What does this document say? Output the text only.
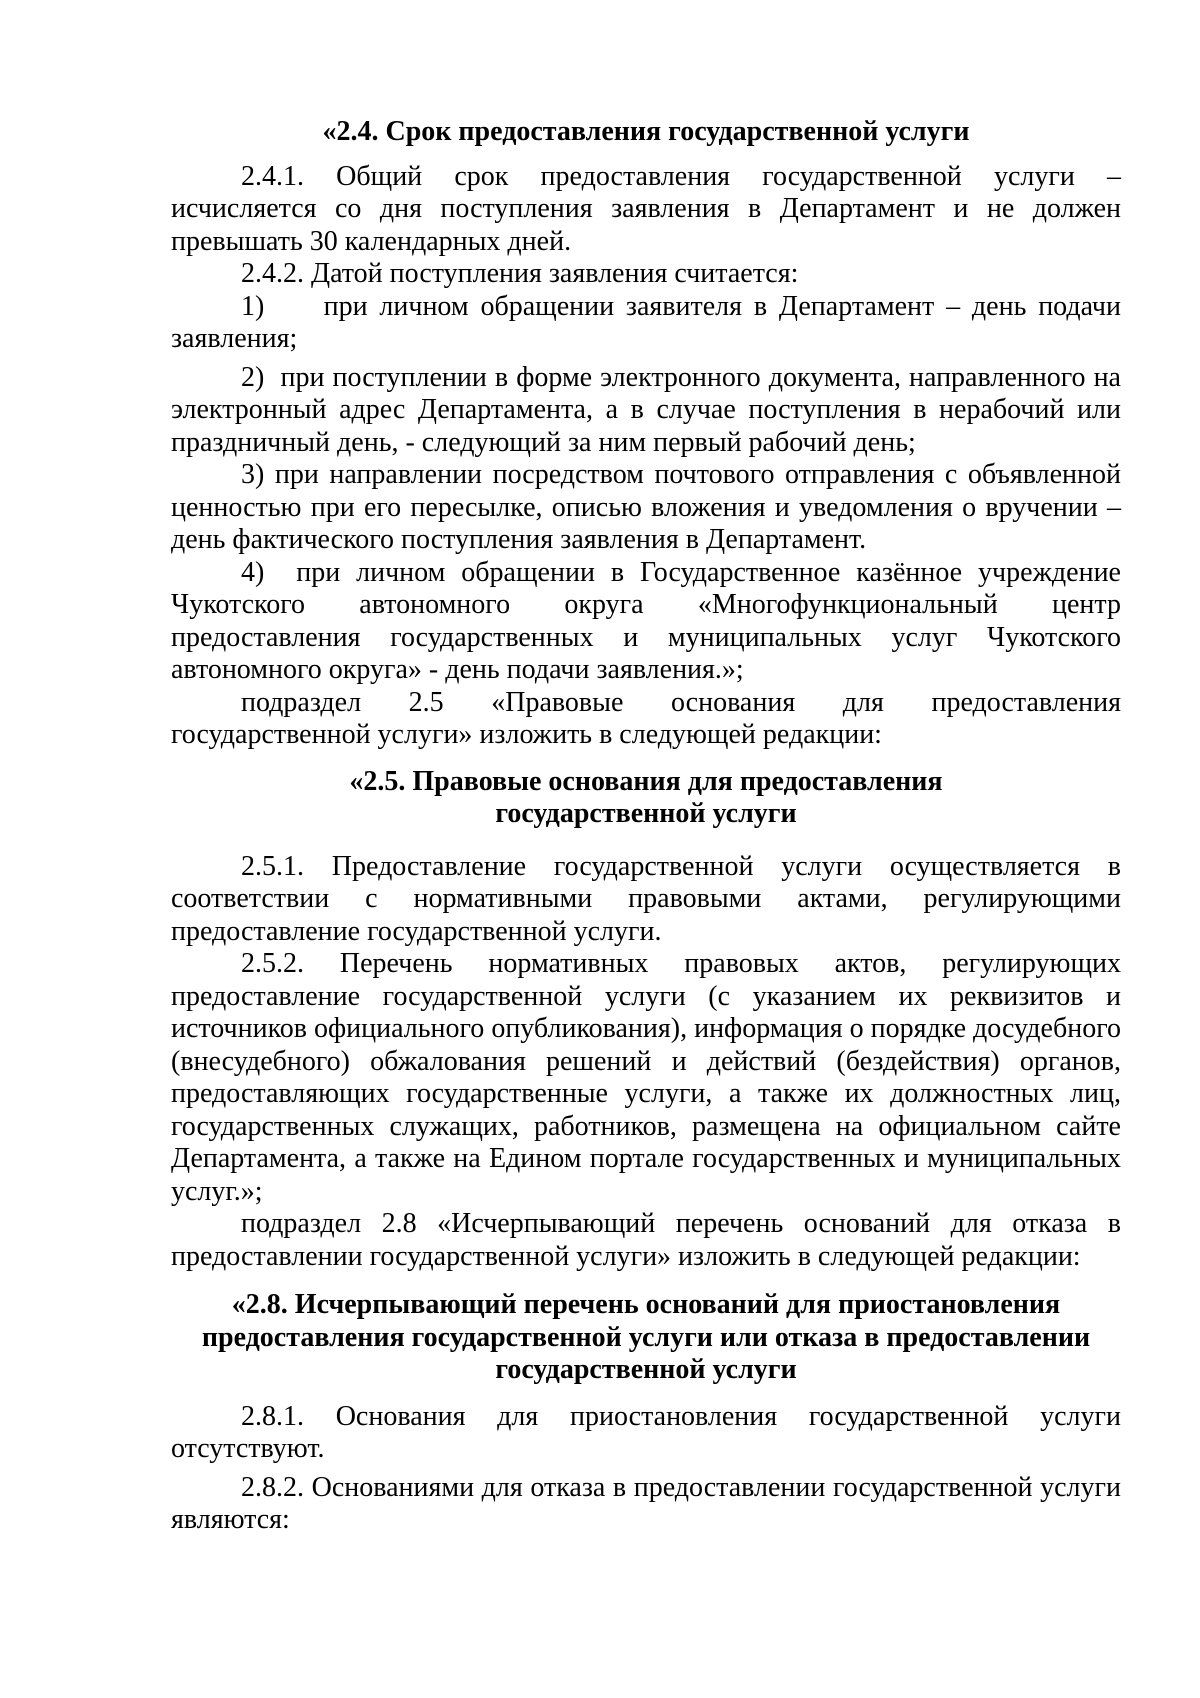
«2.4. Срок предоставления государственной услуги

2.4.1. Общий срок предоставления государственной услуги – исчисляется со дня поступления заявления в Департамент и не должен превышать 30 календарных дней.

2.4.2. Датой поступления заявления считается:

1)     при личном обращении заявителя в Департамент – день подачи заявления;

2)  при поступлении в форме электронного документа, направленного на электронный адрес Департамента, а в случае поступления в нерабочий или праздничный день, - следующий за ним первый рабочий день;

3) при направлении посредством почтового отправления с объявленной ценностью при его пересылке, описью вложения и уведомления о вручении – день фактического поступления заявления в Департамент.

4)  при личном обращении в Государственное казённое учреждение Чукотского автономного округа «Многофункциональный центр предоставления государственных и муниципальных услуг Чукотского автономного округа» - день подачи заявления.»;

подраздел 2.5 «Правовые основания для предоставления государственной услуги» изложить в следующей редакции:

«2.5. Правовые основания для предоставления
государственной услуги

2.5.1. Предоставление государственной услуги осуществляется в соответствии с нормативными правовыми актами, регулирующими предоставление государственной услуги.

2.5.2. Перечень нормативных правовых актов, регулирующих предоставление государственной услуги (с указанием их реквизитов и источников официального опубликования), информация о порядке досудебного (внесудебного) обжалования решений и действий (бездействия) органов, предоставляющих государственные услуги, а также их должностных лиц, государственных служащих, работников, размещена на официальном сайте Департамента, а также на Едином портале государственных и муниципальных услуг.»;

подраздел 2.8 «Исчерпывающий перечень оснований для отказа в предоставлении государственной услуги» изложить в следующей редакции:

«2.8. Исчерпывающий перечень оснований для приостановления
предоставления государственной услуги или отказа в предоставлении
государственной услуги

2.8.1. Основания для приостановления государственной услуги отсутствуют.

2.8.2. Основаниями для отказа в предоставлении государственной услуги являются:
